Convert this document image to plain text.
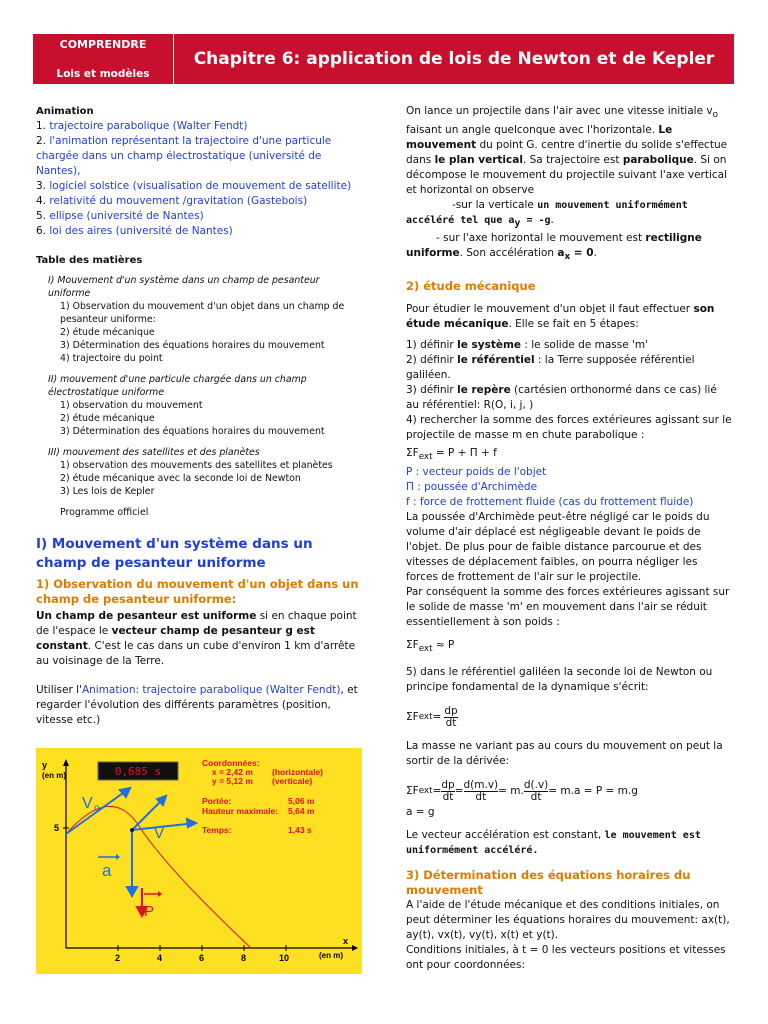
COMPRENDRE
Lois et modèles
Chapitre 6: application de lois de Newton et de Kepler

Animation

1. trajectoire parabolique (Walter Fendt)

2. l'animation représentant la trajectoire d'une particule chargée dans un champ électrostatique (université de Nantes),

3. logiciel solstice (visualisation de mouvement de satellite)

4. relativité du mouvement /gravitation (Gastebois)

5. ellipse (université de Nantes)

6. loi des aires (université de Nantes)

Table des matières

I) Mouvement d'un système dans un champ de pesanteur uniforme
1) Observation du mouvement d'un objet dans un champ de pesanteur uniforme:
2) étude mécanique
3) Détermination des équations horaires du mouvement
4) trajectoire du point
II) mouvement d'une particule chargée dans un champ électrostatique uniforme
1) observation du mouvement
2) étude mécanique
3) Détermination des équations horaires du mouvement
III) mouvement des satellites et des planètes
1) observation des mouvements des satellites et planètes
2) étude mécanique avec la seconde loi de Newton
3) Les lois de Kepler
Programme officiel

I) Mouvement d'un système dans un champ de pesanteur uniforme

1) Observation du mouvement d'un objet dans un champ de pesanteur uniforme:

Un champ de pesanteur est uniforme si en chaque point de l'espace le vecteur champ de pesanteur g est constant. C'est le cas dans un cube d'environ 1 km d'arrête au voisinage de la Terre.

Utiliser l'Animation: trajectoire parabolique (Walter Fendt), et regarder l'évolution des différents paramètres (position, vitesse etc.)

y
(en m)
x
(en m)
5
2	4	6	8	10
0,685 s
Coordonnées:
x = 2,42 m (horizontale)
y = 5,12 m (verticale)
Portée:	5,06 m
Hauteur maximale: 5,64 m
Temps:	1,43 s
V o
V
a
P

On lance un projectile dans l'air avec une vitesse initiale $v_o$ faisant un angle quelconque avec l'horizontale. Le mouvement du point G. centre d'inertie du solide s'effectue dans le plan vertical. Sa trajectoire est parabolique. Si on décompose le mouvement du projectile suivant l'axe vertical et horizontal on observe

-sur la verticale un mouvement uniformément accéléré tel que $a_y = -g$.

- sur l'axe horizontal le mouvement est rectiligne uniforme. Son accélération $a_x = 0$.

2) étude mécanique

Pour étudier le mouvement d'un objet il faut effectuer son étude mécanique. Elle se fait en 5 étapes:

1) définir le système : le solide de masse 'm'

2) définir le référentiel : la Terre supposée référentiel galiléen.

3) définir le repère (cartésien orthonormé dans ce cas) lié au référentiel: R(O, i, j, )

4) rechercher la somme des forces extérieures agissant sur le projectile de masse m en chute parabolique :

$\Sigma F_{ext} = P + \Pi + f$

P : vecteur poids de l'objet

Π : poussée d'Archimède

f : force de frottement fluide (cas du frottement fluide)

La poussée d'Archimède peut-être négligé car le poids du volume d'air déplacé est négligeable devant le poids de l'objet. De plus pour de faible distance parcourue et des vitesses de déplacement faibles, on pourra négliger les forces de frottement de l'air sur le projectile.

Par conséquent la somme des forces extérieures agissant sur le solide de masse 'm' en mouvement dans l'air se réduit essentiellement à son poids :

$\Sigma F_{ext} \approx P$

5) dans le référentiel galiléen la seconde loi de Newton ou principe fondamental de la dynamique s'écrit:

ΣF ext = $\frac{dp}{dt}$

La masse ne variant pas au cours du mouvement on peut la sortir de la dérivée:

ΣF ext = $\frac{dp}{dt} = \frac{d(m.v)}{dt} = m$. $\frac{d(.v)}{dt} = m.a = P = m.g$

a = g

Le vecteur accélération est constant, le mouvement est uniformément accéléré.

3) Détermination des équations horaires du mouvement

A l'aide de l'étude mécanique et des conditions initiales, on peut déterminer les équations horaires du mouvement: ax(t), ay(t), vx(t), vy(t), x(t) et y(t).

Conditions initiales, à t = 0 les vecteurs positions et vitesses ont pour coordonnées:
